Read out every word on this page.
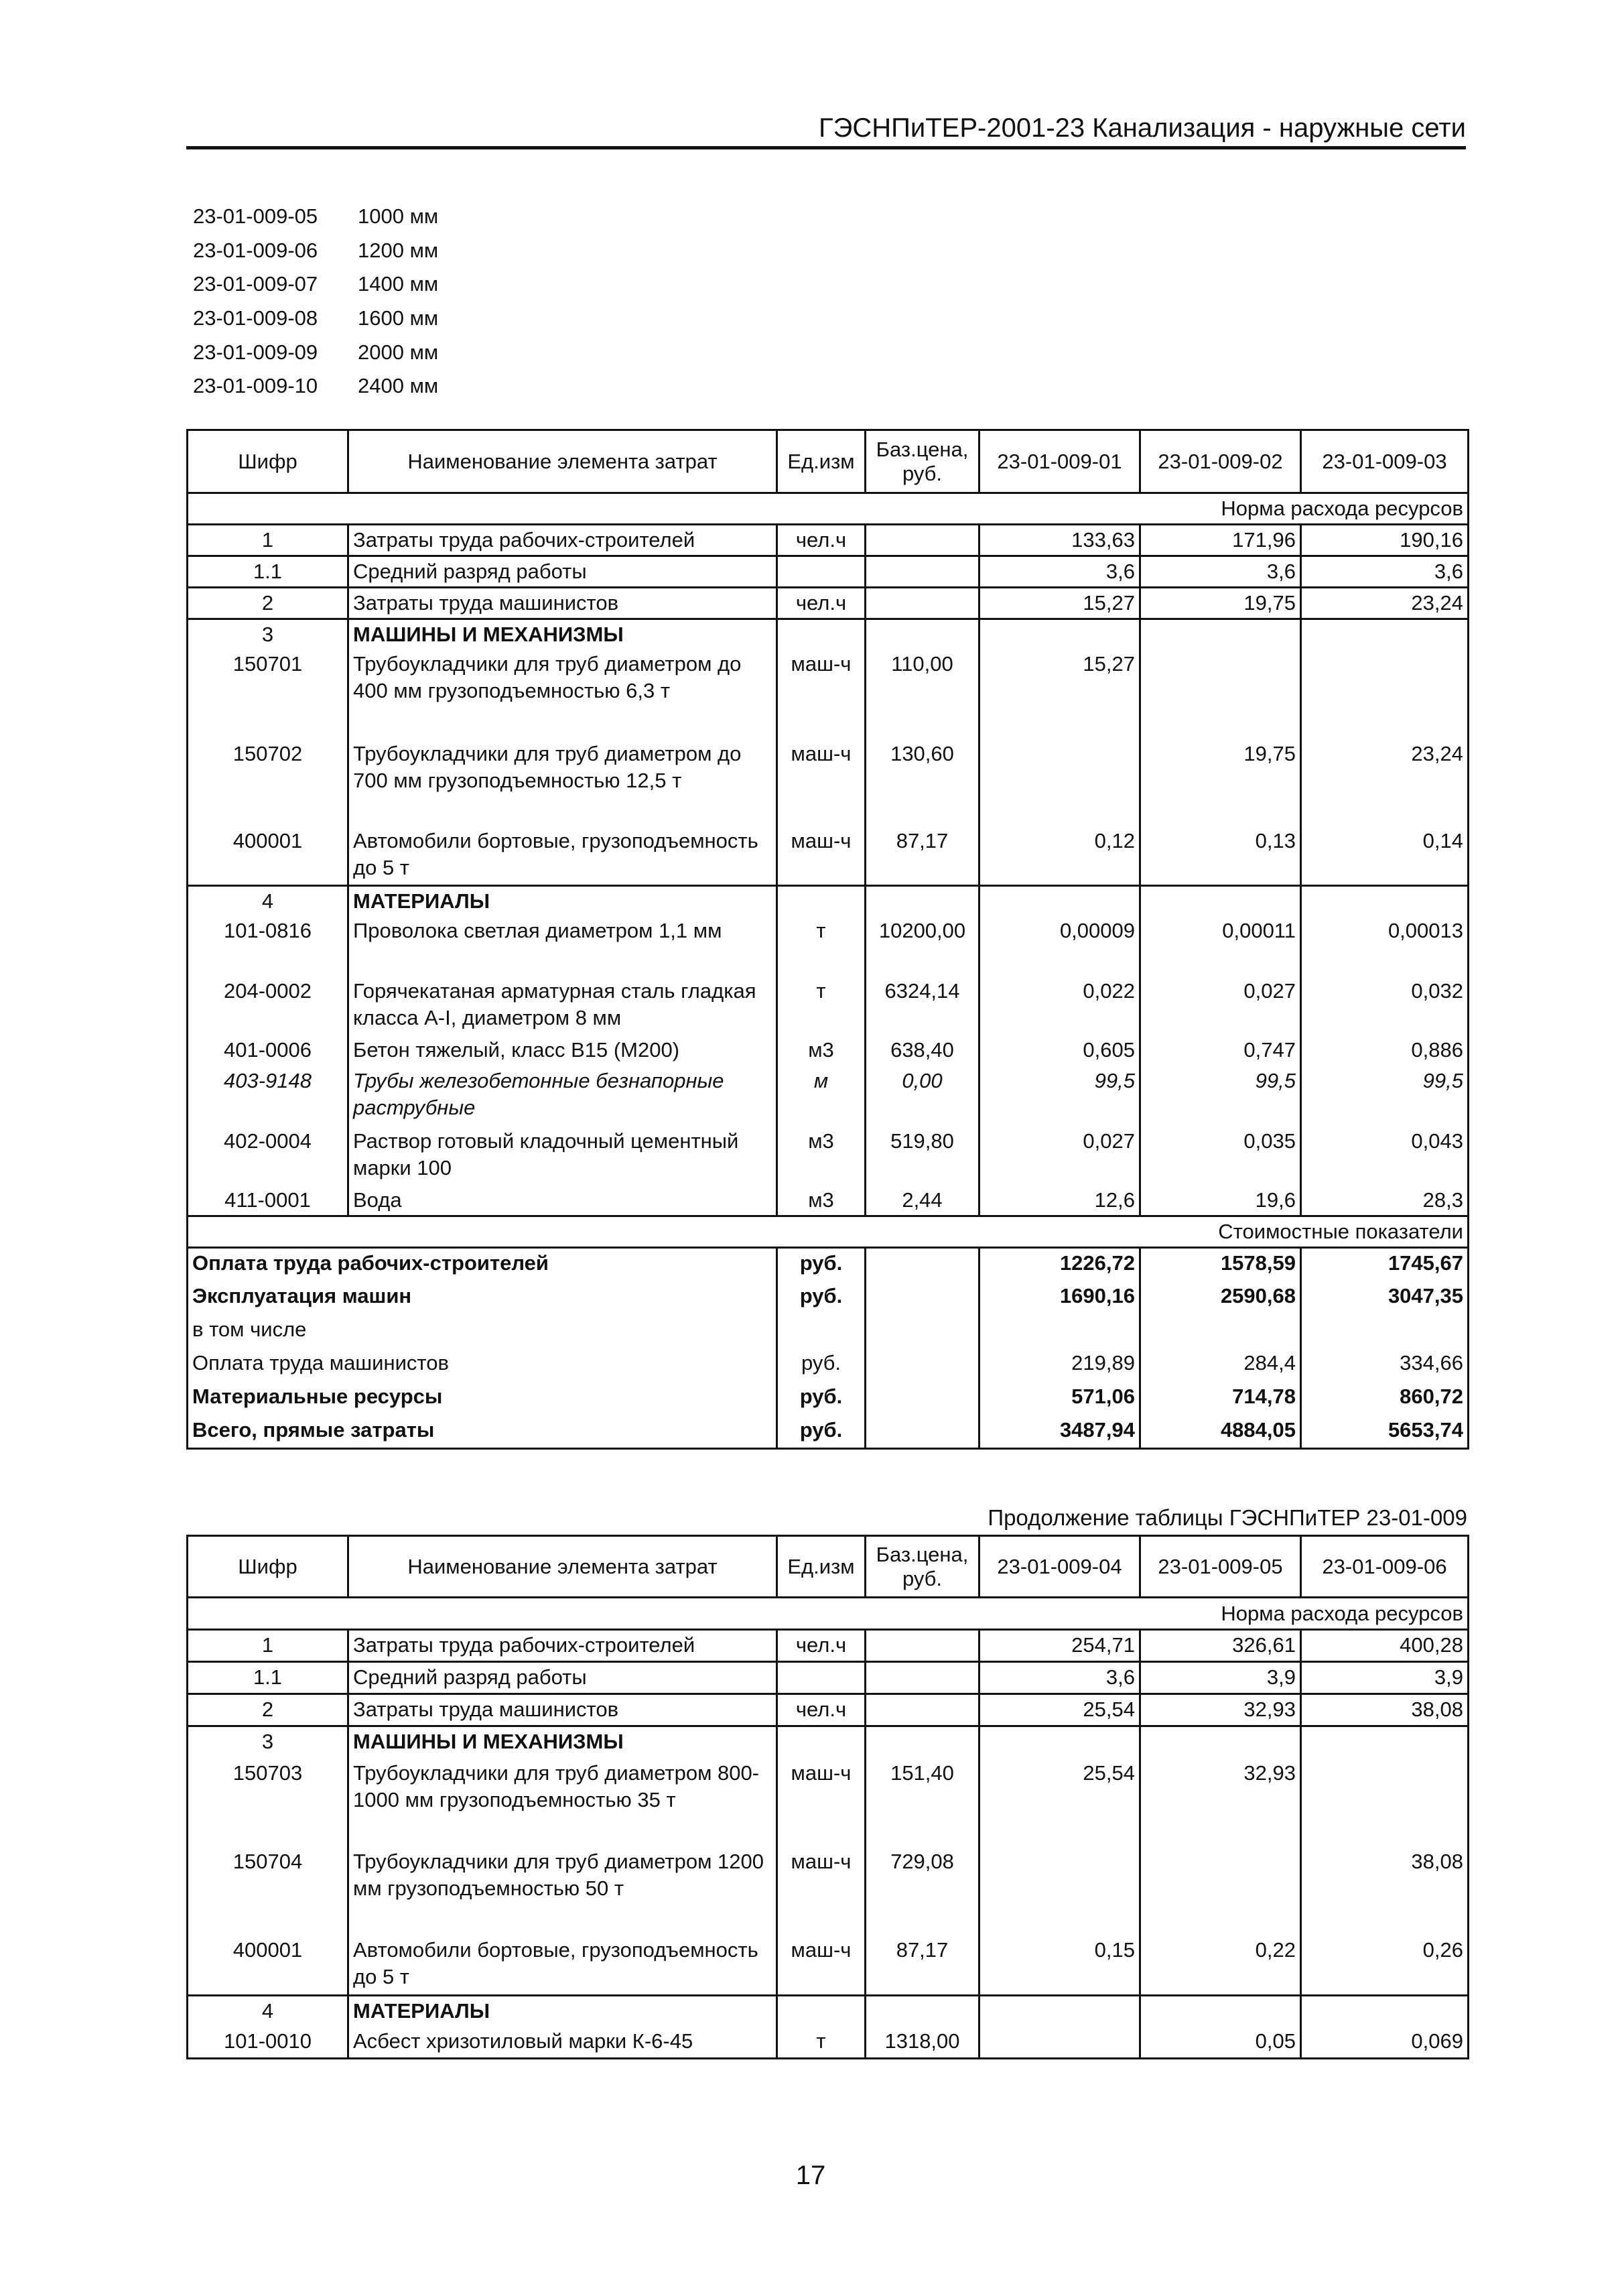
ГЭСНПиТЕР-2001-23 Канализация - наружные сети
23-01-009-05	1000 мм
23-01-009-06	1200 мм
23-01-009-07	1400 мм
23-01-009-08	1600 мм
23-01-009-09	2000 мм
23-01-009-10	2400 мм
Шифр	Наименование элемента затрат	Ед.изм	Баз.цена, руб.	23-01-009-01	23-01-009-02	23-01-009-03
Норма расхода ресурсов						
1	Затраты труда рабочих-строителей	чел.ч		133,63	171,96	190,16
1.1	Средний разряд работы			3,6	3,6	3,6
2	Затраты труда машинистов	чел.ч		15,27	19,75	23,24
3	МАШИНЫ И МЕХАНИЗМЫ					
150701	Трубоукладчики для труб диаметром до 400 мм грузоподъемностью 6,3 т	маш-ч	110,00	15,27		
150702	Трубоукладчики для труб диаметром до 700 мм грузоподъемностью 12,5 т	маш-ч	130,60		19,75	23,24
400001	Автомобили бортовые, грузоподъемность до 5 т	маш-ч	87,17	0,12	0,13	0,14
4	МАТЕРИАЛЫ					
101-0816	Проволока светлая диаметром 1,1 мм	т	10200,00	0,00009	0,00011	0,00013
204-0002	Горячекатаная арматурная сталь гладкая класса А-I, диаметром 8 мм	т	6324,14	0,022	0,027	0,032
401-0006	Бетон тяжелый, класс В15 (М200)	м3	638,40	0,605	0,747	0,886
403-9148	Трубы железобетонные безнапорные раструбные	м	0,00	99,5	99,5	99,5
402-0004	Раствор готовый кладочный цементный марки 100	м3	519,80	0,027	0,035	0,043
411-0001	Вода	м3	2,44	12,6	19,6	28,3
Стоимостные показатели						
Оплата труда рабочих-строителей		руб.		1226,72	1578,59	1745,67
Эксплуатация машин		руб.		1690,16	2590,68	3047,35
в том числе						
Оплата труда машинистов		руб.		219,89	284,4	334,66
Материальные ресурсы		руб.		571,06	714,78	860,72
Всего, прямые затраты		руб.		3487,94	4884,05	5653,74
Продолжение таблицы ГЭСНПиТЕР 23-01-009
Шифр	Наименование элемента затрат	Ед.изм	Баз.цена, руб.	23-01-009-04	23-01-009-05	23-01-009-06
Норма расхода ресурсов						
1	Затраты труда рабочих-строителей	чел.ч		254,71	326,61	400,28
1.1	Средний разряд работы			3,6	3,9	3,9
2	Затраты труда машинистов	чел.ч		25,54	32,93	38,08
3	МАШИНЫ И МЕХАНИЗМЫ					
150703	Трубоукладчики для труб диаметром 800-1000 мм грузоподъемностью 35 т	маш-ч	151,40	25,54	32,93	
150704	Трубоукладчики для труб диаметром 1200 мм грузоподъемностью 50 т	маш-ч	729,08			38,08
400001	Автомобили бортовые, грузоподъемность до 5 т	маш-ч	87,17	0,15	0,22	0,26
4	МАТЕРИАЛЫ					
101-0010	Асбест хризотиловый марки К-6-45	т	1318,00		0,05	0,069
17
